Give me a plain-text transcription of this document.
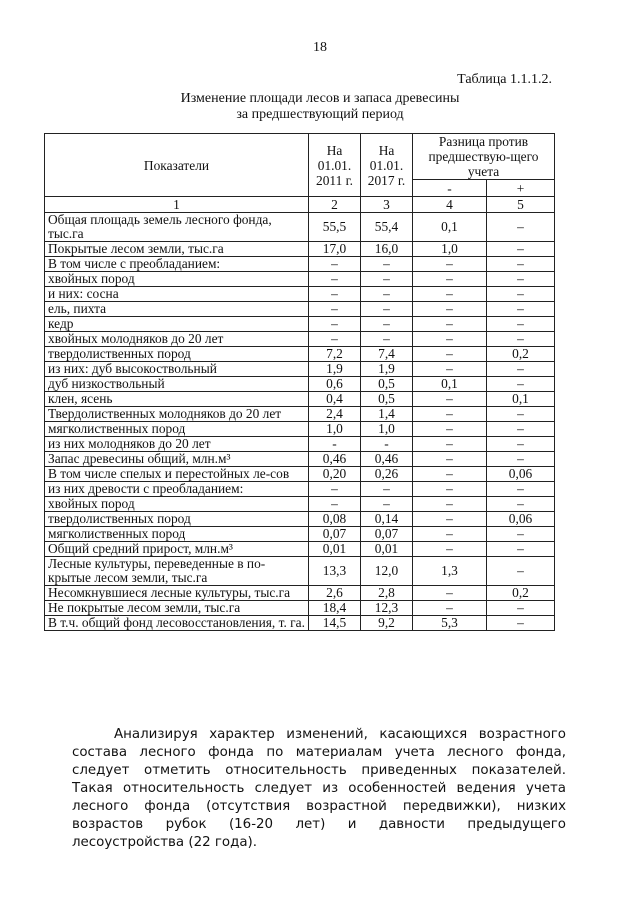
18
Таблица 1.1.1.2.
Изменение площади лесов и запаса древесины
за предшествующий период
Показатели	На 01.01. 2011 г.	На 01.01. 2017 г.	Разница против предшествую-щего учета	
			-	+
1	2	3	4	5
Общая площадь земель лесного фонда, тыс.га	55,5	55,4	0,1	–
Покрытые лесом земли, тыс.га	17,0	16,0	1,0	–
В том числе с преобладанием:	–	–	–	–
хвойных пород	–	–	–	–
и них: сосна	–	–	–	–
ель, пихта	–	–	–	–
кедр	–	–	–	–
хвойных молодняков до 20 лет	–	–	–	–
твердолиственных пород	7,2	7,4	–	0,2
из них: дуб высокоствольный	1,9	1,9	–	–
дуб низкоствольный	0,6	0,5	0,1	–
клен, ясень	0,4	0,5	–	0,1
Твердолиственных молодняков до 20 лет	2,4	1,4	–	–
мягколиственных пород	1,0	1,0	–	–
из них молодняков до 20 лет	-	-	–	–
Запас древесины общий, млн.м³	0,46	0,46	–	–
В том числе спелых и перестойных ле-сов	0,20	0,26	–	0,06
из них древости с преобладанием:	–	–	–	–
хвойных пород	–	–	–	–
твердолиственных пород	0,08	0,14	–	0,06
мягколиственных пород	0,07	0,07	–	–
Общий средний прирост, млн.м³	0,01	0,01	–	–
Лесные культуры, переведенные в по-крытые лесом земли, тыс.га	13,3	12,0	1,3	–
Несомкнувшиеся лесные культуры, тыс.га	2,6	2,8	–	0,2
Не покрытые лесом земли, тыс.га	18,4	12,3	–	–
В т.ч. общий фонд лесовосстановления, т. га.	14,5	9,2	5,3	–
Анализируя характер изменений, касающихся возрастного состава лесного фонда по материалам учета лесного фонда, следует отметить относительность приведенных показателей. Такая относительность следует из особенностей ведения учета лесного фонда (отсутствия возрастной передвижки), низких возрастов рубок (16-20 лет) и давности предыдущего лесоустройства (22 года).
